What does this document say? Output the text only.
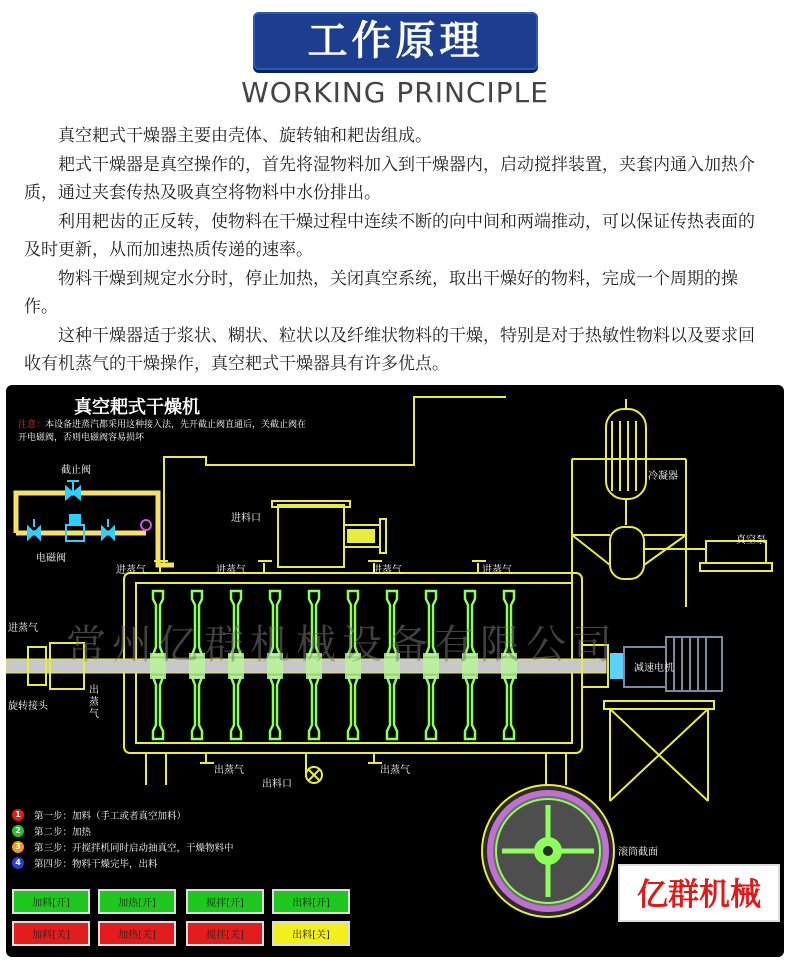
工作原理
WORKING PRINCIPLE

真空耙式干燥器主要由壳体、旋转轴和耙齿组成。

耙式干燥器是真空操作的，首先将湿物料加入到干燥器内，启动搅拌装置，夹套内通入加热介质，通过夹套传热及吸真空将物料中水份排出。

利用耙齿的正反转，使物料在干燥过程中连续不断的向中间和两端推动，可以保证传热表面的及时更新，从而加速热质传递的速率。

物料干燥到规定水分时，停止加热，关闭真空系统，取出干燥好的物料，完成一个周期的操作。

这种干燥器适于浆状、糊状、粒状以及纤维状物料的干燥，特别是对于热敏性物料以及要求回收有机蒸气的干燥操作，真空耙式干燥器具有许多优点。

常州亿群机械设备有限公司
真空耙式干燥机
注意：本设备进蒸汽都采用这种接入法，先开截止阀直通后，关截止阀在开电磁阀，否则电磁阀容易损坏
截止阀
电磁阀
进料口
进蒸气	进蒸气	进蒸气	进蒸气
进蒸气
冷凝器
真空泵
减速电机
旋转接头
出蒸气
出蒸气	出蒸气
出料口
滚筒截面
1	第一步：加料（手工或者真空加料）
2	第二步：加热
3	第三步：开搅拌机同时启动抽真空，干燥物料中
4	第四步：物料干燥完毕，出料
加料[开]	加热[开]	搅拌[开]	出料[开]
加料[关]	加热[关]	搅拌[关]	出料[关]
亿群机械
